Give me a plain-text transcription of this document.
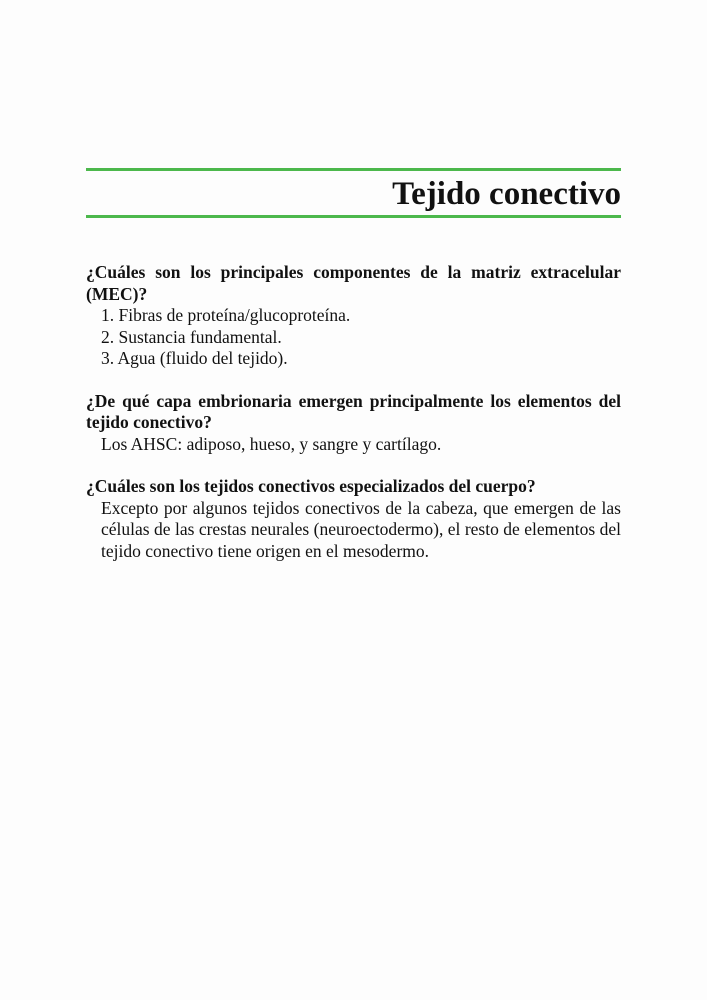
Tejido conectivo
¿Cuáles son los principales componentes de la matriz extracelular (MEC)?
1. Fibras de proteína/glucoproteína.
2. Sustancia fundamental.
3. Agua (fluido del tejido).
¿De qué capa embrionaria emergen principalmente los elementos del tejido conectivo?
Los AHSC: adiposo, hueso, y sangre y cartílago.
¿Cuáles son los tejidos conectivos especializados del cuerpo?
Excepto por algunos tejidos conectivos de la cabeza, que emergen de las células de las crestas neurales (neuroectodermo), el resto de elementos del tejido conectivo tiene origen en el mesodermo.
